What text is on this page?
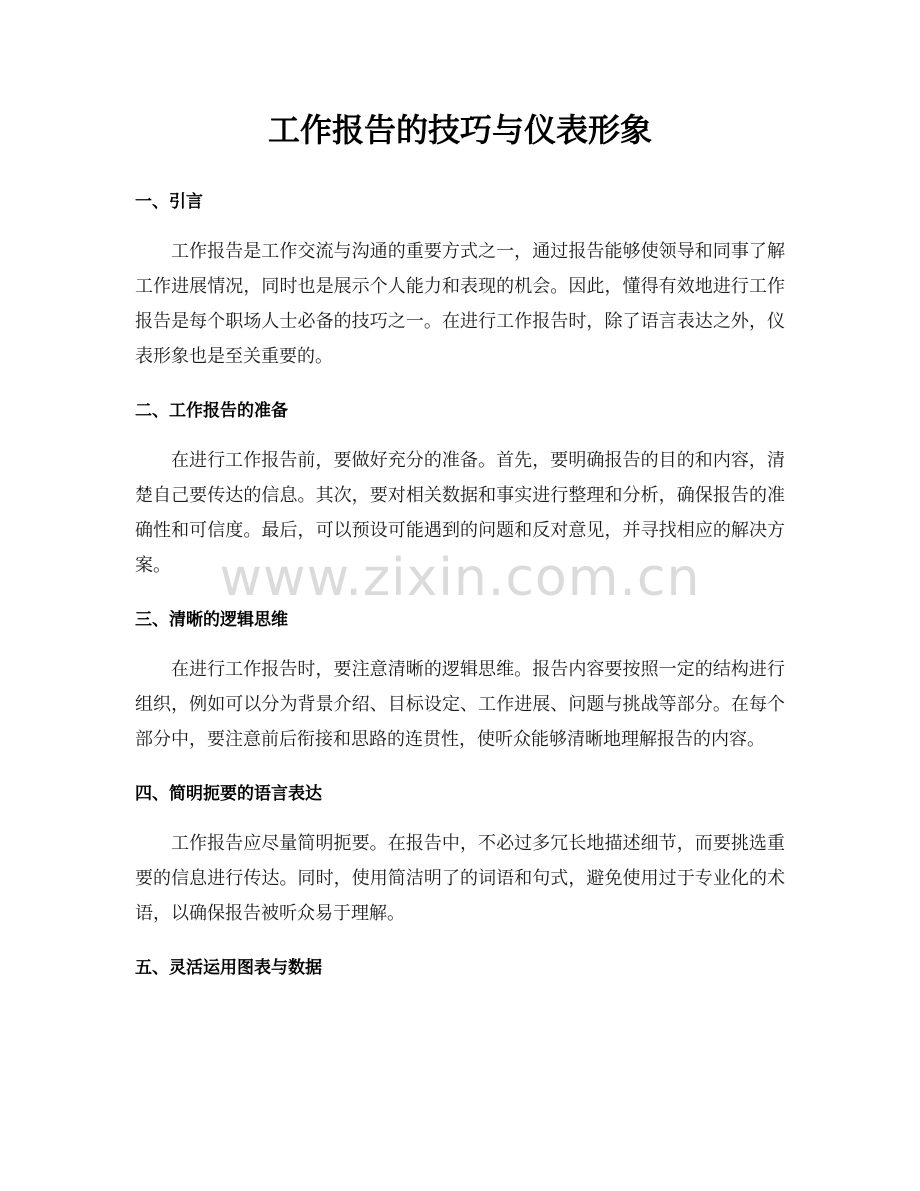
工作报告的技巧与仪表形象
一、引言

工作报告是工作交流与沟通的重要方式之一，通过报告能够使领导和同事了解工作进展情况，同时也是展示个人能力和表现的机会。因此，懂得有效地进行工作报告是每个职场人士必备的技巧之一。在进行工作报告时，除了语言表达之外，仪表形象也是至关重要的。

二、工作报告的准备

在进行工作报告前，要做好充分的准备。首先，要明确报告的目的和内容，清楚自己要传达的信息。其次，要对相关数据和事实进行整理和分析，确保报告的准确性和可信度。最后，可以预设可能遇到的问题和反对意见，并寻找相应的解决方案。

三、清晰的逻辑思维

在进行工作报告时，要注意清晰的逻辑思维。报告内容要按照一定的结构进行组织，例如可以分为背景介绍、目标设定、工作进展、问题与挑战等部分。在每个部分中，要注意前后衔接和思路的连贯性，使听众能够清晰地理解报告的内容。

四、简明扼要的语言表达

工作报告应尽量简明扼要。在报告中，不必过多冗长地描述细节，而要挑选重要的信息进行传达。同时，使用简洁明了的词语和句式，避免使用过于专业化的术语，以确保报告被听众易于理解。

五、灵活运用图表与数据
www.zixin.com.cn
